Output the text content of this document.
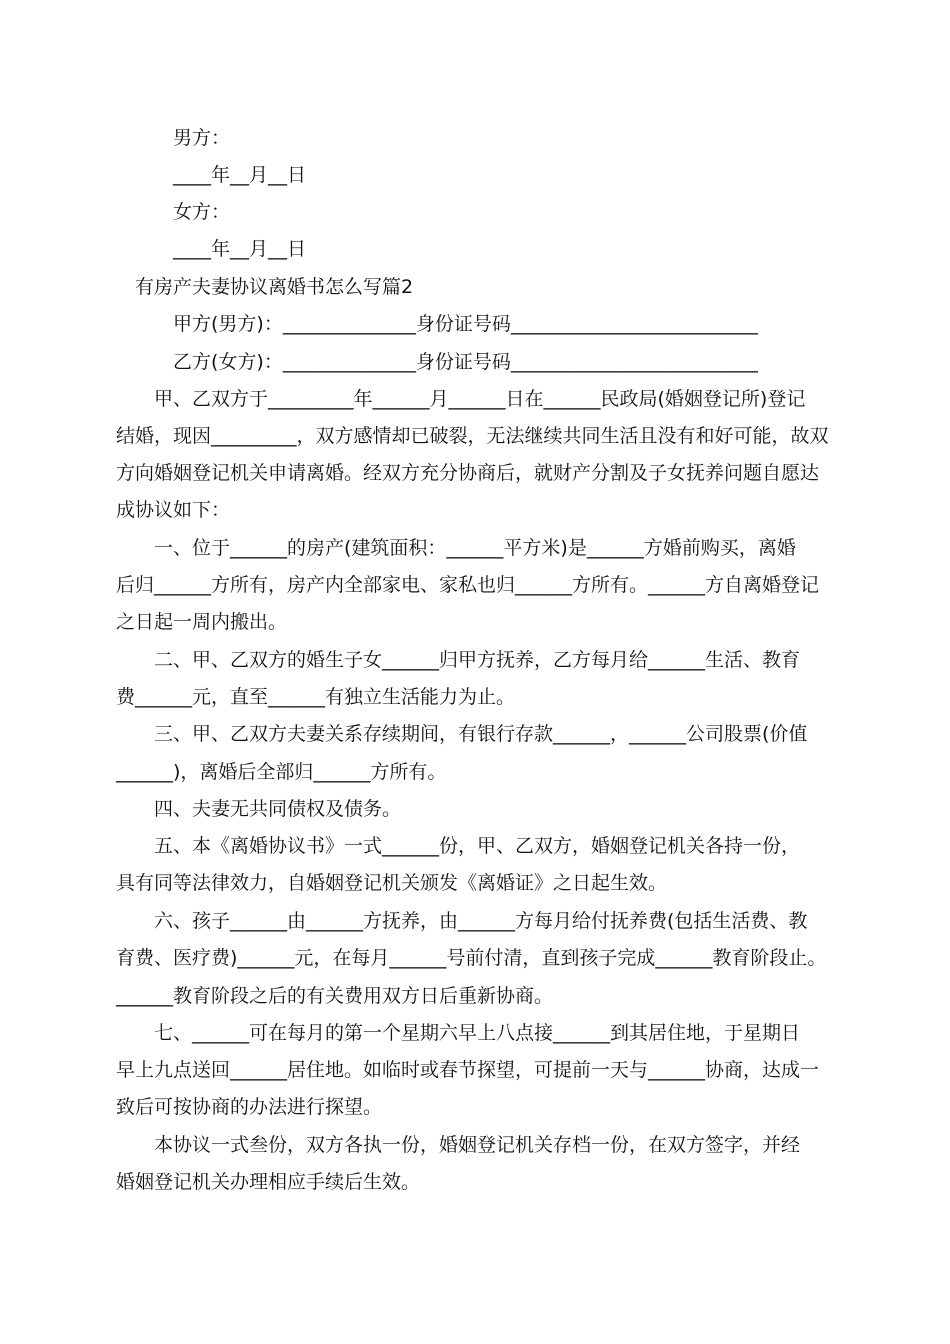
男方：
____年__月__日
女方：
____年__月__日
有房产夫妻协议离婚书怎么写篇2
甲方(男方)：______________身份证号码__________________________
乙方(女方)：______________身份证号码__________________________
　　甲、乙双方于_________年______月______日在______民政局(婚姻登记所)登记
结婚，现因_________，双方感情却已破裂，无法继续共同生活且没有和好可能，故双
方向婚姻登记机关申请离婚。经双方充分协商后，就财产分割及子女抚养问题自愿达
成协议如下：
　　一、位于______的房产(建筑面积：______平方米)是______方婚前购买，离婚
后归______方所有，房产内全部家电、家私也归______方所有。______方自离婚登记
之日起一周内搬出。
　　二、甲、乙双方的婚生子女______归甲方抚养，乙方每月给______生活、教育
费______元，直至______有独立生活能力为止。
　　三、甲、乙双方夫妻关系存续期间，有银行存款______，______公司股票(价值
______)，离婚后全部归______方所有。
　　四、夫妻无共同债权及债务。
　　五、本《离婚协议书》一式______份，甲、乙双方，婚姻登记机关各持一份，
具有同等法律效力，自婚姻登记机关颁发《离婚证》之日起生效。
　　六、孩子______由______方抚养，由______方每月给付抚养费(包括生活费、教
育费、医疗费)______元，在每月______号前付清，直到孩子完成______教育阶段止。
______教育阶段之后的有关费用双方日后重新协商。
　　七、______可在每月的第一个星期六早上八点接______到其居住地，于星期日
早上九点送回______居住地。如临时或春节探望，可提前一天与______协商，达成一
致后可按协商的办法进行探望。
　　本协议一式叁份，双方各执一份，婚姻登记机关存档一份，在双方签字，并经
婚姻登记机关办理相应手续后生效。
